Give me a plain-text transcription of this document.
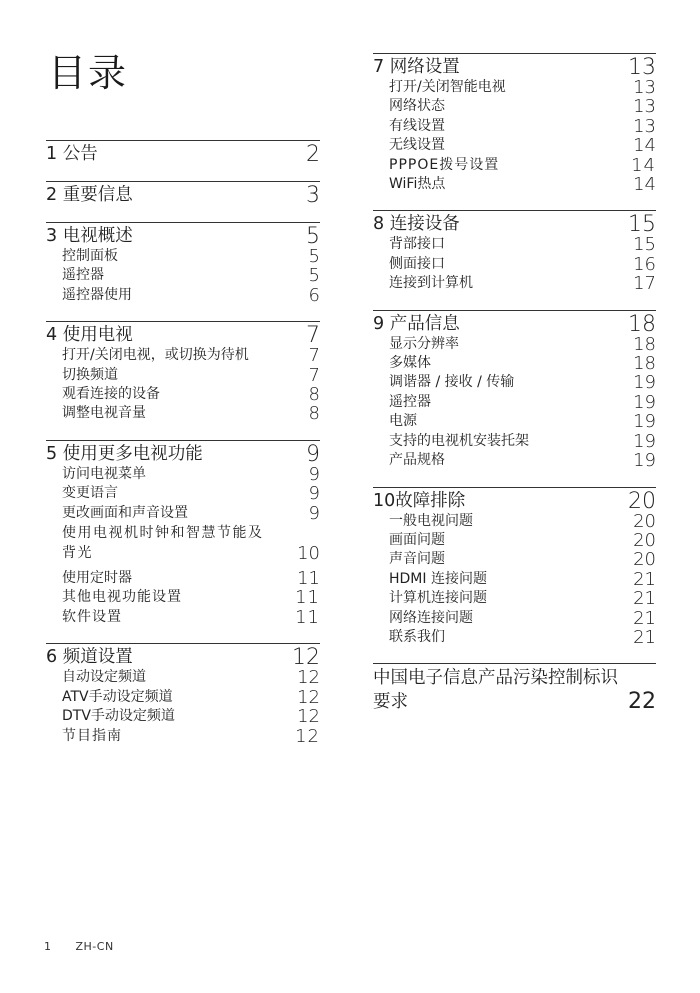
目录
1 公告	2
2 重要信息	3
3 电视概述	5
控制面板	5
遥控器	5
遥控器使用	6
4 使用电视	7
打开/关闭电视，或切换为待机	7
切换频道	7
观看连接的设备	8
调整电视音量	8
5 使用更多电视功能	9
访问电视菜单	9
变更语言	9
更改画面和声音设置	9
使用电视机时钟和智慧节能及背光	10
使用定时器	11
其他电视功能设置	11
软件设置	11
6 频道设置	12
自动设定频道	12
ATV手动设定频道	12
DTV手动设定频道	12
节目指南	12
7 网络设置	13
打开/关闭智能电视	13
网络状态	13
有线设置	13
无线设置	14
PPPOE拨号设置	14
WiFi热点	14
8 连接设备	15
背部接口	15
侧面接口	16
连接到计算机	17
9 产品信息	18
显示分辨率	18
多媒体	18
调谐器 / 接收 / 传输	19
遥控器	19
电源	19
支持的电视机安装托架	19
产品规格	19
10故障排除	20
一般电视问题	20
画面问题	20
声音问题	20
HDMI 连接问题	21
计算机连接问题	21
网络连接问题	21
联系我们	21
中国电子信息产品污染控制标识
要求	22
1 ZH-CN
